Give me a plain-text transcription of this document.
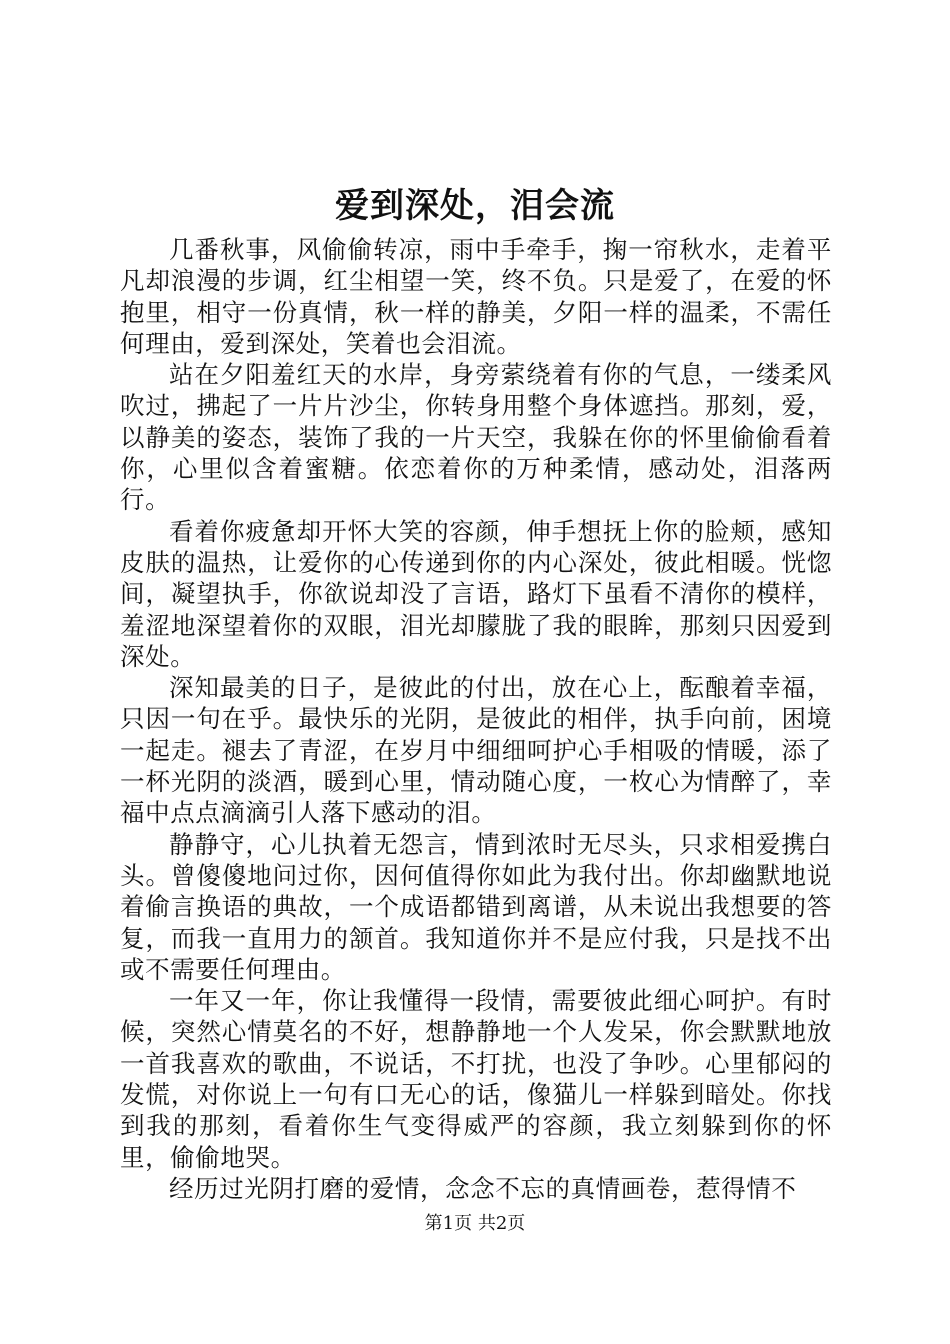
爱到深处，泪会流

几番秋事，风偷偷转凉，雨中手牵手，掬一帘秋水，走着平凡却浪漫的步调，红尘相望一笑，终不负。只是爱了，在爱的怀抱里，相守一份真情，秋一样的静美，夕阳一样的温柔，不需任何理由，爱到深处，笑着也会泪流。

站在夕阳羞红天的水岸，身旁萦绕着有你的气息，一缕柔风吹过，拂起了一片片沙尘，你转身用整个身体遮挡。那刻，爱，以静美的姿态，装饰了我的一片天空，我躲在你的怀里偷偷看着你，心里似含着蜜糖。依恋着你的万种柔情，感动处，泪落两行。

看着你疲惫却开怀大笑的容颜，伸手想抚上你的脸颊，感知皮肤的温热，让爱你的心传递到你的内心深处，彼此相暖。恍惚间，凝望执手，你欲说却没了言语，路灯下虽看不清你的模样，羞涩地深望着你的双眼，泪光却朦胧了我的眼眸，那刻只因爱到深处。

深知最美的日子，是彼此的付出，放在心上，酝酿着幸福，只因一句在乎。最快乐的光阴，是彼此的相伴，执手向前，困境一起走。褪去了青涩，在岁月中细细呵护心手相吸的情暖，添了一杯光阴的淡酒，暖到心里，情动随心度，一枚心为情醉了，幸福中点点滴滴引人落下感动的泪。

静静守，心儿执着无怨言，情到浓时无尽头，只求相爱携白头。曾傻傻地问过你，因何值得你如此为我付出。你却幽默地说着偷言换语的典故，一个成语都错到离谱，从未说出我想要的答复，而我一直用力的颔首。我知道你并不是应付我，只是找不出或不需要任何理由。

一年又一年，你让我懂得一段情，需要彼此细心呵护。有时候，突然心情莫名的不好，想静静地一个人发呆，你会默默地放一首我喜欢的歌曲，不说话，不打扰，也没了争吵。心里郁闷的发慌，对你说上一句有口无心的话，像猫儿一样躲到暗处。你找到我的那刻，看着你生气变得威严的容颜，我立刻躲到你的怀里，偷偷地哭。

经历过光阴打磨的爱情，念念不忘的真情画卷，惹得情不

第1页 共2页
